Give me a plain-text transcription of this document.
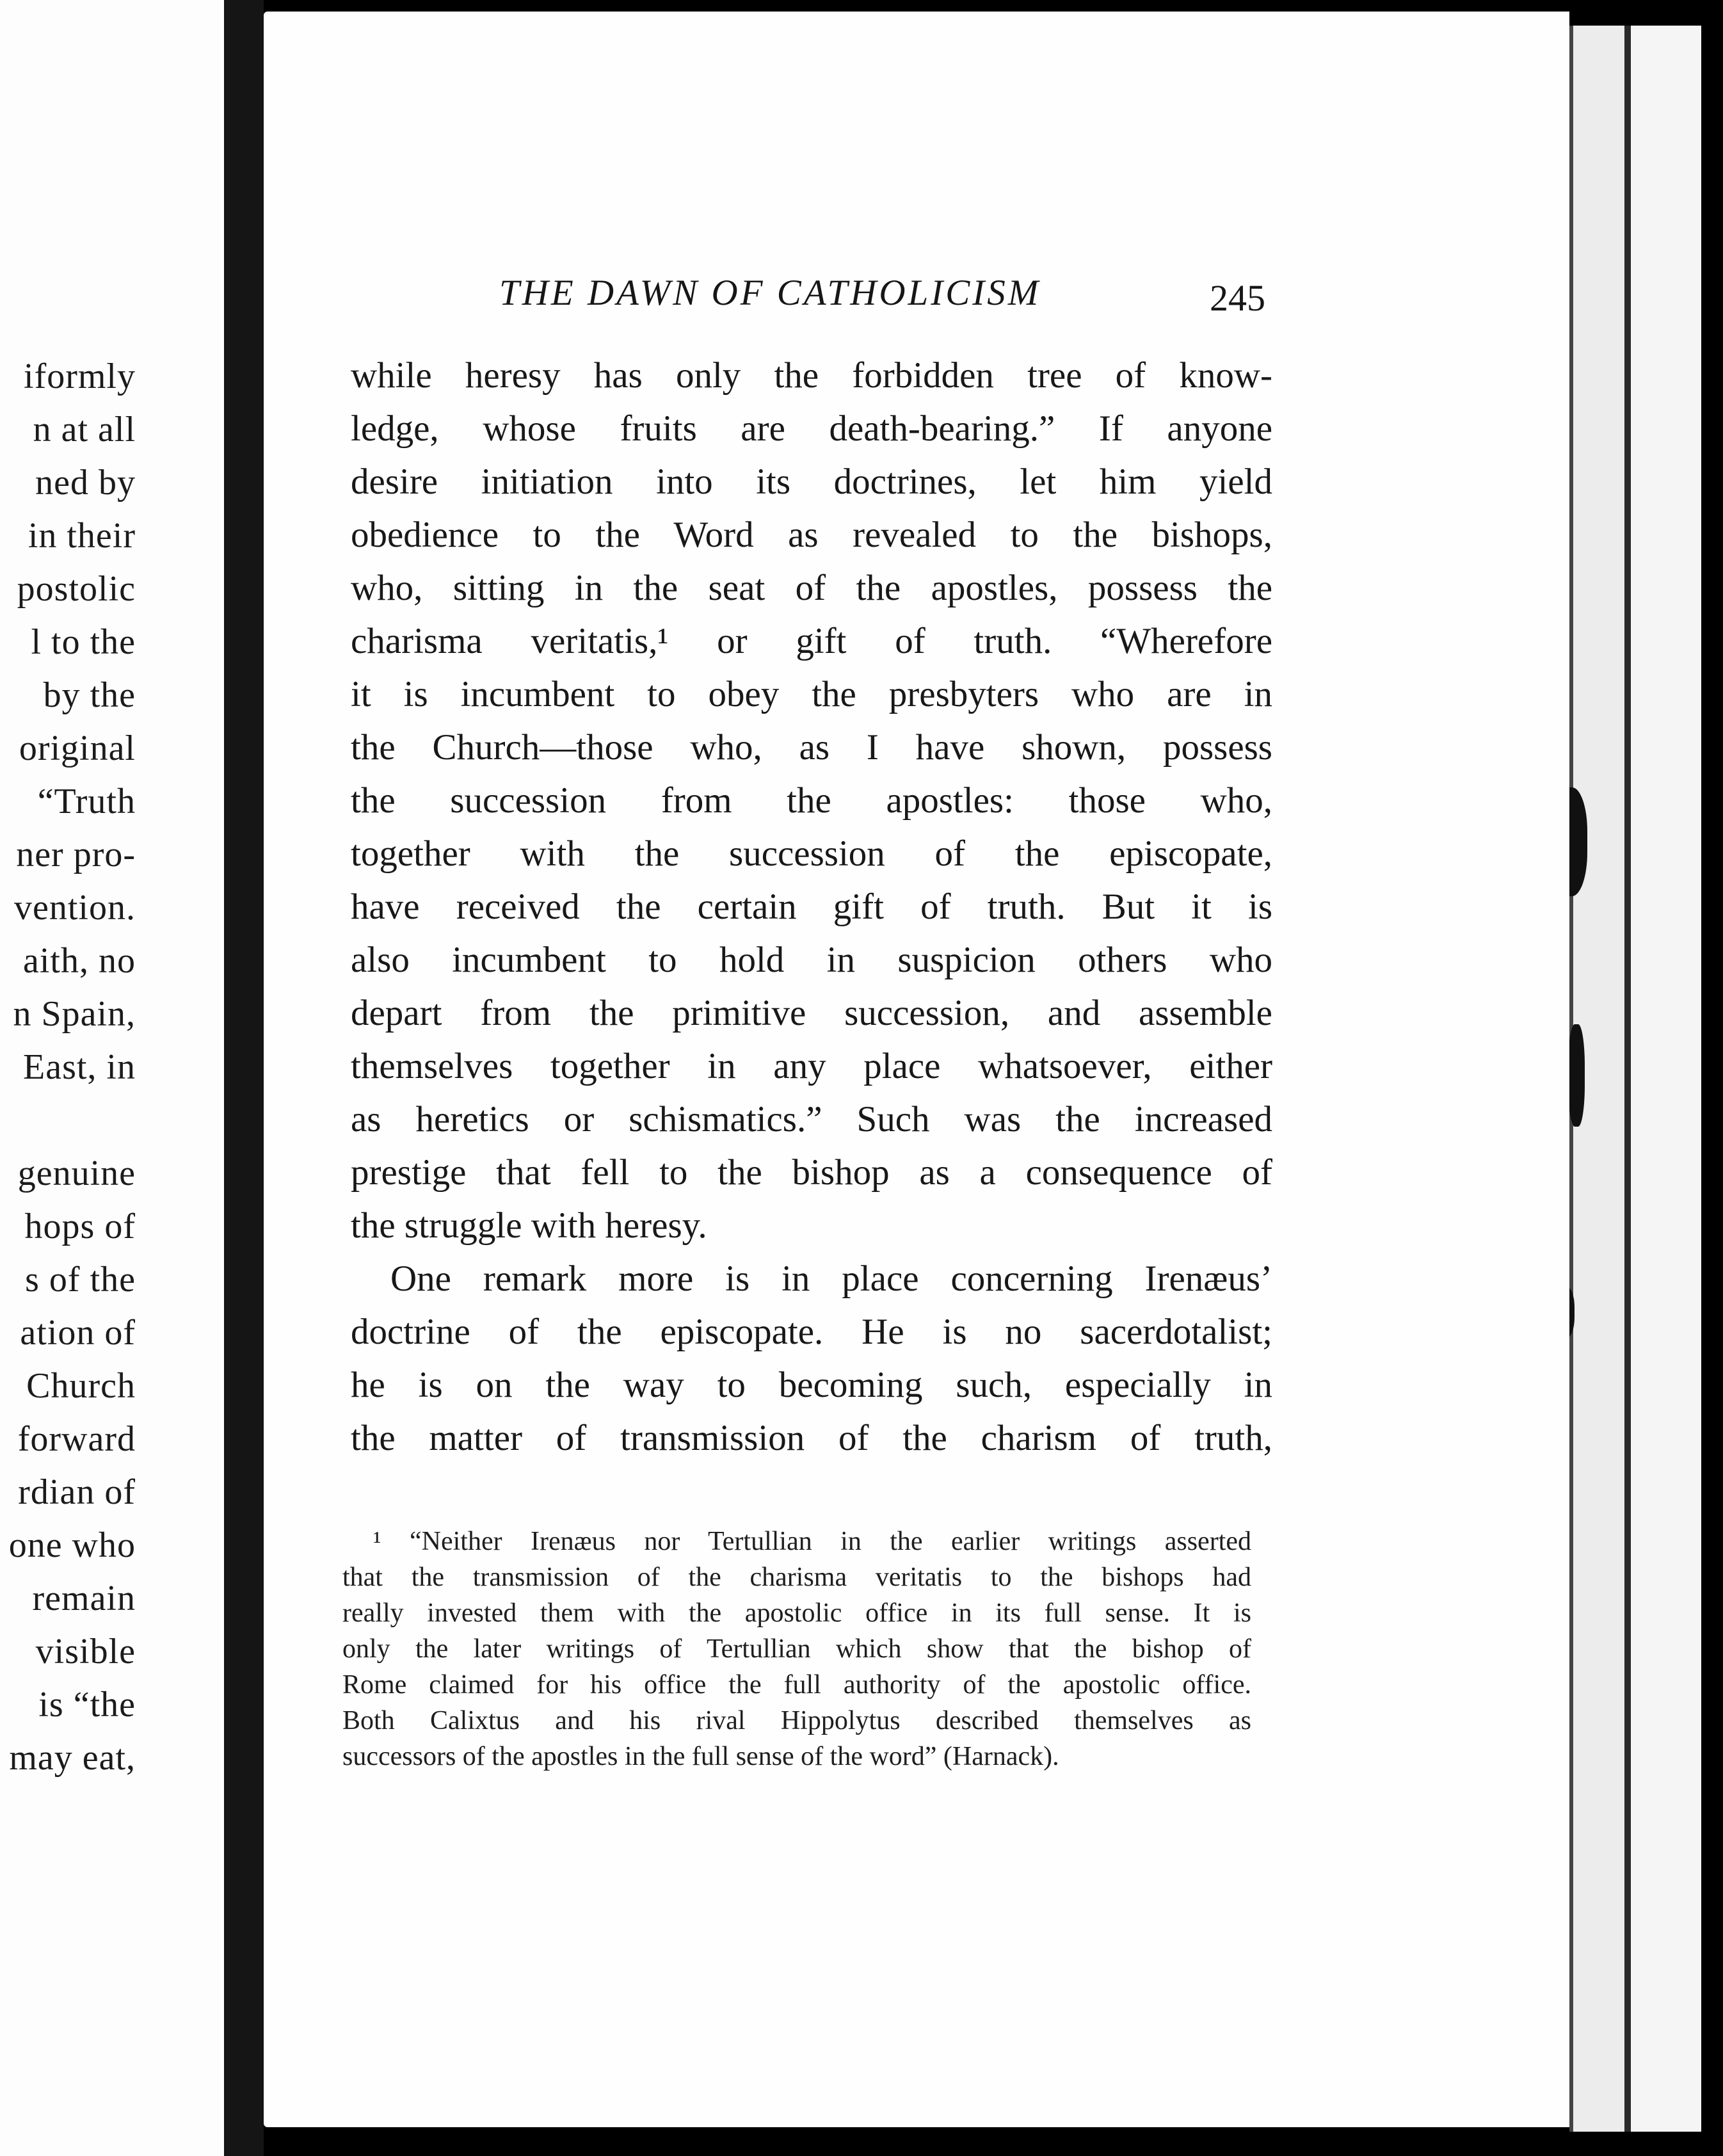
iformly
n at all
ned by
in their
postolic
l to the
by the
original
“Truth
ner pro-
vention.
aith, no
n Spain,
East, in
genuine
hops of
s of the
ation of
Church
forward
rdian of
one who
remain
visible
is “the
may eat,
THE DAWN OF CATHOLICISM	245
while heresy has only the forbidden tree of know-
ledge, whose fruits are death-bearing.” If anyone
desire initiation into its doctrines, let him yield
obedience to the Word as revealed to the bishops,
who, sitting in the seat of the apostles, possess the
charisma veritatis,¹ or gift of truth. “Wherefore
it is incumbent to obey the presbyters who are in
the Church—those who, as I have shown, possess
the succession from the apostles: those who,
together with the succession of the episcopate,
have received the certain gift of truth. But it is
also incumbent to hold in suspicion others who
depart from the primitive succession, and assemble
themselves together in any place whatsoever, either
as heretics or schismatics.” Such was the increased
prestige that fell to the bishop as a consequence of
the struggle with heresy.
One remark more is in place concerning Irenæus’
doctrine of the episcopate. He is no sacerdotalist;
he is on the way to becoming such, especially in
the matter of transmission of the charism of truth,
¹ “Neither Irenæus nor Tertullian in the earlier writings asserted
that the transmission of the charisma veritatis to the bishops had
really invested them with the apostolic office in its full sense. It is
only the later writings of Tertullian which show that the bishop of
Rome claimed for his office the full authority of the apostolic office.
Both Calixtus and his rival Hippolytus described themselves as
successors of the apostles in the full sense of the word” (Harnack).
